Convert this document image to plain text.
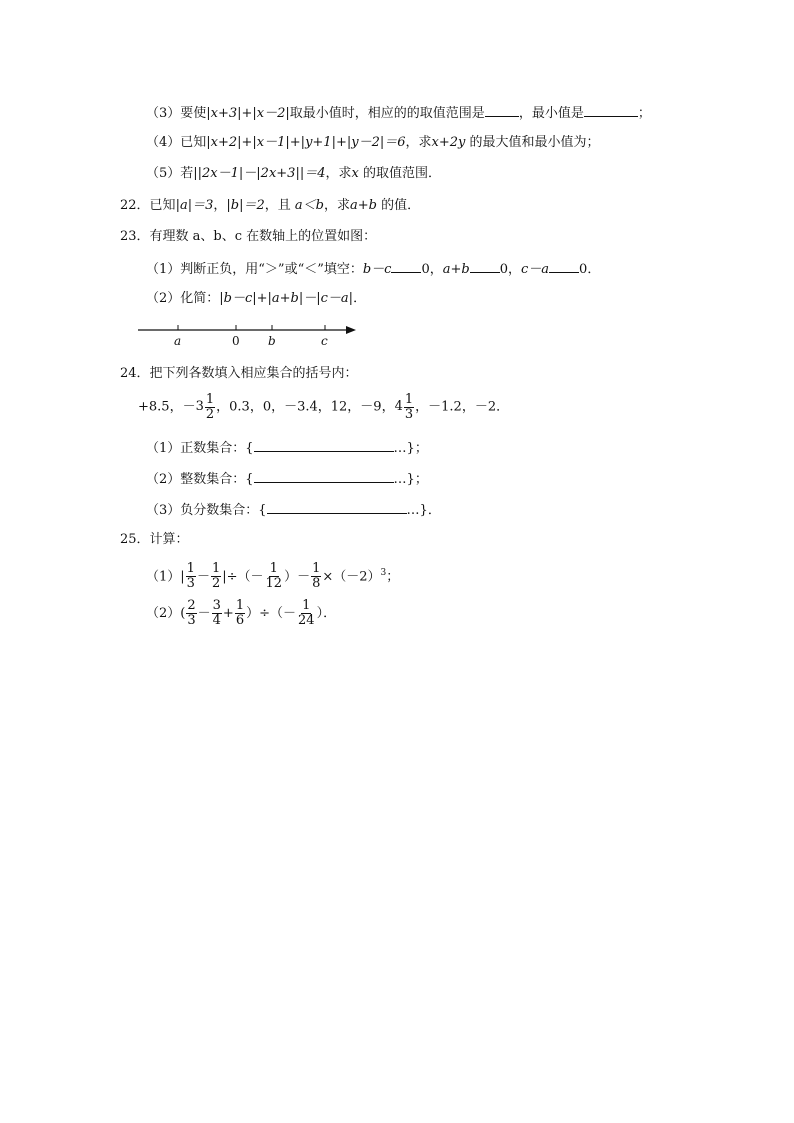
（3）要使|x+3|+|x－2|取最小值时，相应的的取值范围是	，最小值是	；
（4）已知|x+2|+|x－1|+|y+1|+|y－2|＝6，求x+2y 的最大值和最小值为；
（5）若||2x－1|－|2x+3||＝4，求x 的取值范围．
22．已知|a|＝3，|b|＝2，且 a＜b，求a+b 的值．
23．有理数 a、b、c 在数轴上的位置如图：
（1）判断正负，用“＞”或“＜”填空：b－c 0，a+b 0，c－a 0．
（2）化简：|b－c|+|a+b|－|c－a|．
a	0 b	c
24．把下列各数填入相应集合的括号内：
+8.5，－ $3 \frac{1}{2}$ ，0.3，0，－3.4，12，－9， $4 \frac{1}{3}$ ，－1.2，－2．
（1）正数集合：{	…}；
（2）整数集合：{	…}；
（3）负分数集合：{	…}．
25．计算：
$(1)| \frac{1}{3} - \frac{1}{2}$ |÷（－ $\frac{1}{12}$ ）－ $\frac{1}{8} \times(-2)^3$；
$(2)( \frac{2}{3} - \frac{3}{4} + \frac{1}{6}$ ）÷（－ $\frac{1}{24}$ ）．
